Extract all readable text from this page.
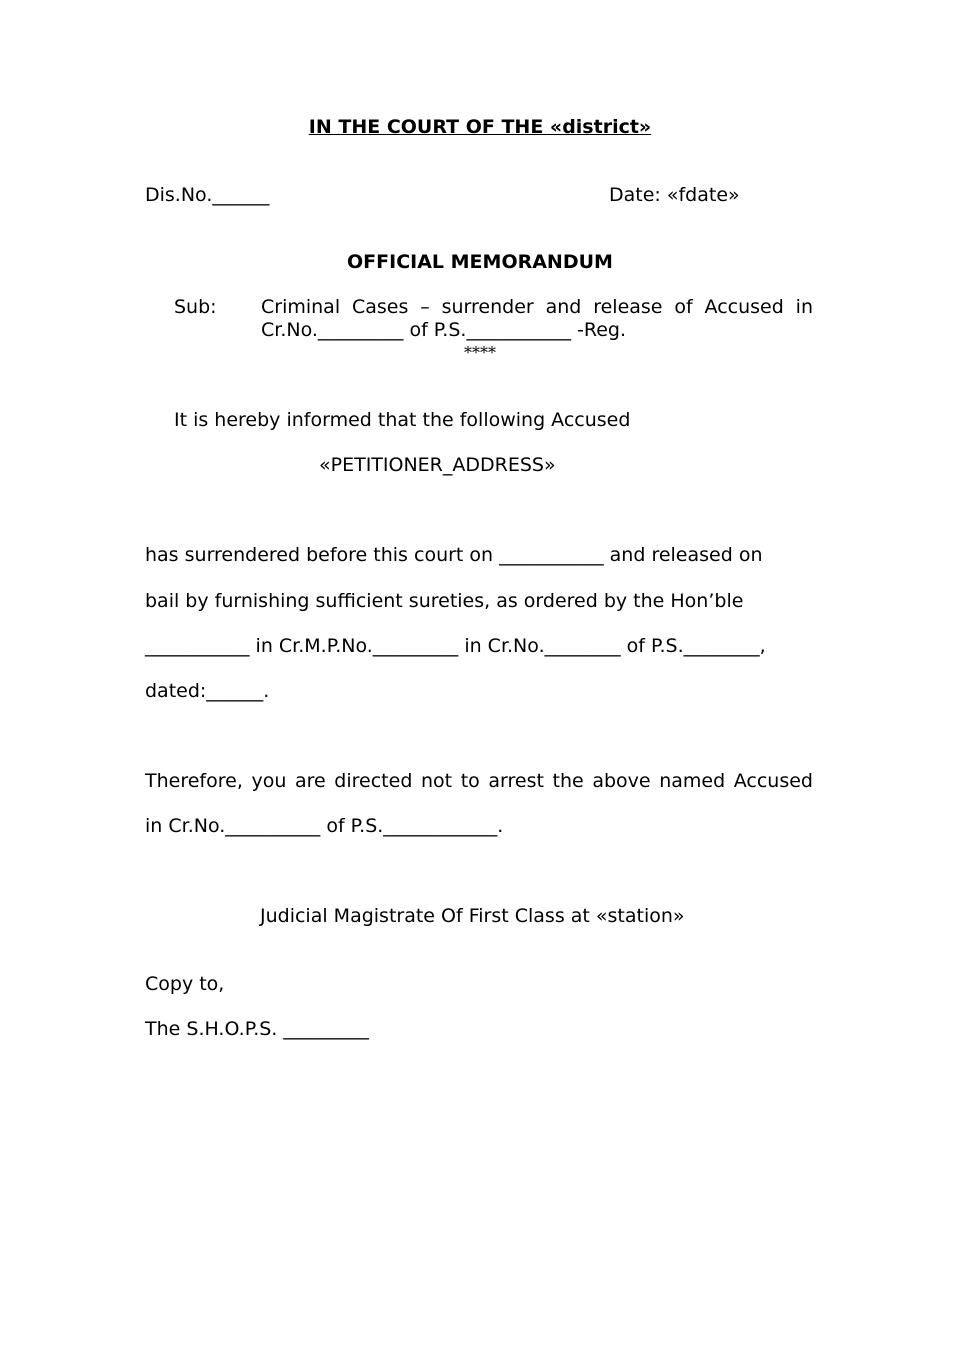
IN THE COURT OF THE «district»
Dis.No.______	Date: «fdate»
OFFICIAL MEMORANDUM
Sub: Criminal Cases – surrender and release of Accused in
Cr.No._________ of P.S.___________ -Reg.
****
It is hereby informed that the following Accused
«PETITIONER_ADDRESS»
has surrendered before this court on ___________ and released on
bail by furnishing sufficient sureties, as ordered by the Hon’ble
___________ in Cr.M.P.No._________ in Cr.No.________ of P.S.________,
dated:______.
Therefore, you are directed not to arrest the above named Accused
in Cr.No.__________ of P.S.____________.
Judicial Magistrate Of First Class at «station»
Copy to,
The S.H.O.P.S. _________
